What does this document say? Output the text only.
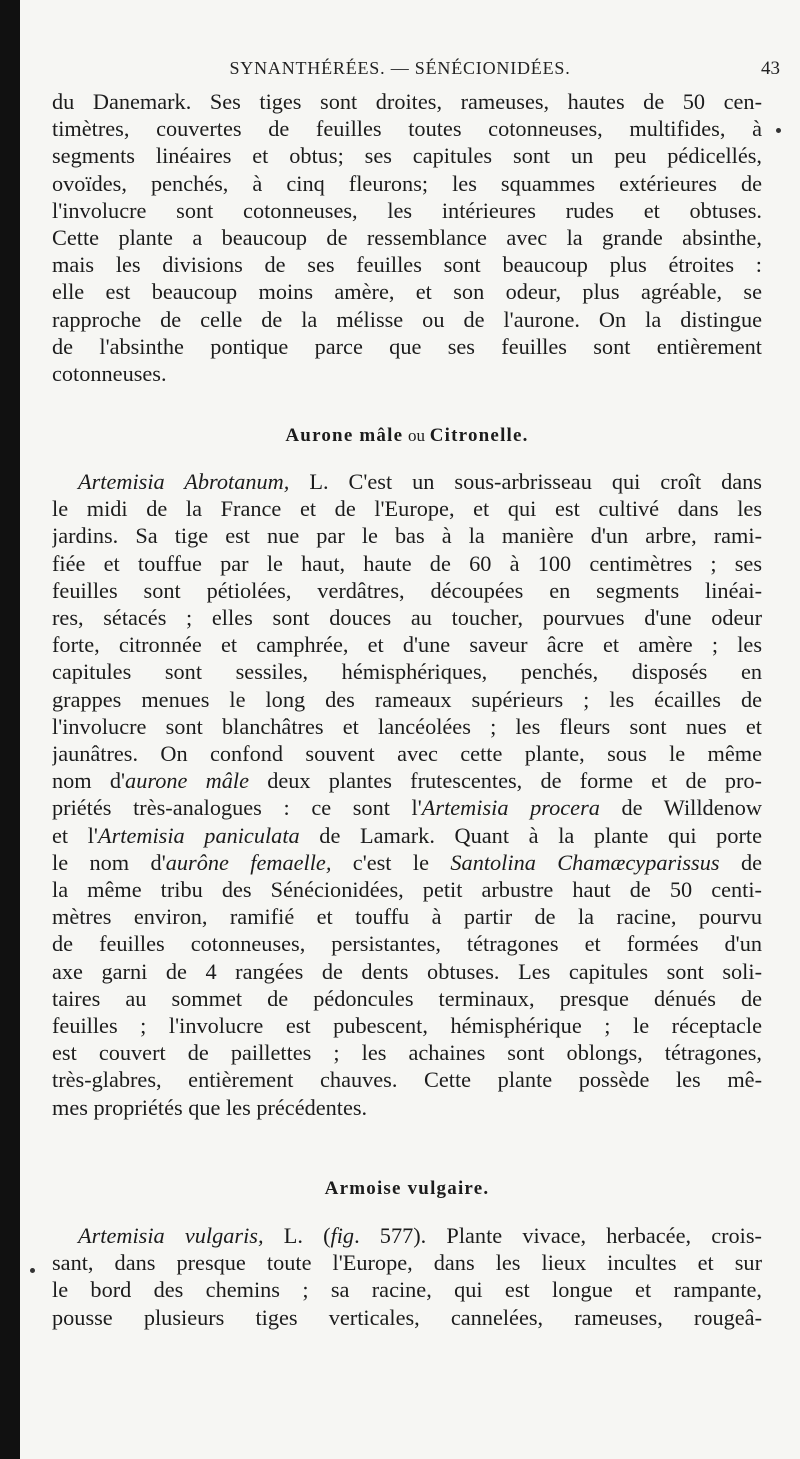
SYNANTHÉRÉES. — SÉNÉCIONIDÉES.	43
du Danemark. Ses tiges sont droites, rameuses, hautes de 50 cen-
timètres, couvertes de feuilles toutes cotonneuses, multifides, à
segments linéaires et obtus; ses capitules sont un peu pédicellés,
ovoïdes, penchés, à cinq fleurons; les squammes extérieures de
l'involucre sont cotonneuses, les intérieures rudes et obtuses.
Cette plante a beaucoup de ressemblance avec la grande absinthe,
mais les divisions de ses feuilles sont beaucoup plus étroites :
elle est beaucoup moins amère, et son odeur, plus agréable, se
rapproche de celle de la mélisse ou de l'aurone. On la distingue
de l'absinthe pontique parce que ses feuilles sont entièrement
cotonneuses.
Aurone mâle ou Citronelle.
Artemisia Abrotanum, L. C'est un sous-arbrisseau qui croît dans
le midi de la France et de l'Europe, et qui est cultivé dans les
jardins. Sa tige est nue par le bas à la manière d'un arbre, rami-
fiée et touffue par le haut, haute de 60 à 100 centimètres ; ses
feuilles sont pétiolées, verdâtres, découpées en segments linéai-
res, sétacés ; elles sont douces au toucher, pourvues d'une odeur
forte, citronnée et camphrée, et d'une saveur âcre et amère ; les
capitules sont sessiles, hémisphériques, penchés, disposés en
grappes menues le long des rameaux supérieurs ; les écailles de
l'involucre sont blanchâtres et lancéolées ; les fleurs sont nues et
jaunâtres. On confond souvent avec cette plante, sous le même
nom d'aurone mâle deux plantes frutescentes, de forme et de pro-
priétés très-analogues : ce sont l'Artemisia procera de Willdenow
et l'Artemisia paniculata de Lamark. Quant à la plante qui porte
le nom d'aurône femaelle, c'est le Santolina Chamæcyparissus de
la même tribu des Sénécionidées, petit arbustre haut de 50 centi-
mètres environ, ramifié et touffu à partir de la racine, pourvu
de feuilles cotonneuses, persistantes, tétragones et formées d'un
axe garni de 4 rangées de dents obtuses. Les capitules sont soli-
taires au sommet de pédoncules terminaux, presque dénués de
feuilles ; l'involucre est pubescent, hémisphérique ; le réceptacle
est couvert de paillettes ; les achaines sont oblongs, tétragones,
très-glabres, entièrement chauves. Cette plante possède les mê-
mes propriétés que les précédentes.
Armoise vulgaire.
Artemisia vulgaris, L. (fig. 577). Plante vivace, herbacée, crois-
sant, dans presque toute l'Europe, dans les lieux incultes et sur
le bord des chemins ; sa racine, qui est longue et rampante,
pousse plusieurs tiges verticales, cannelées, rameuses, rougeâ-
